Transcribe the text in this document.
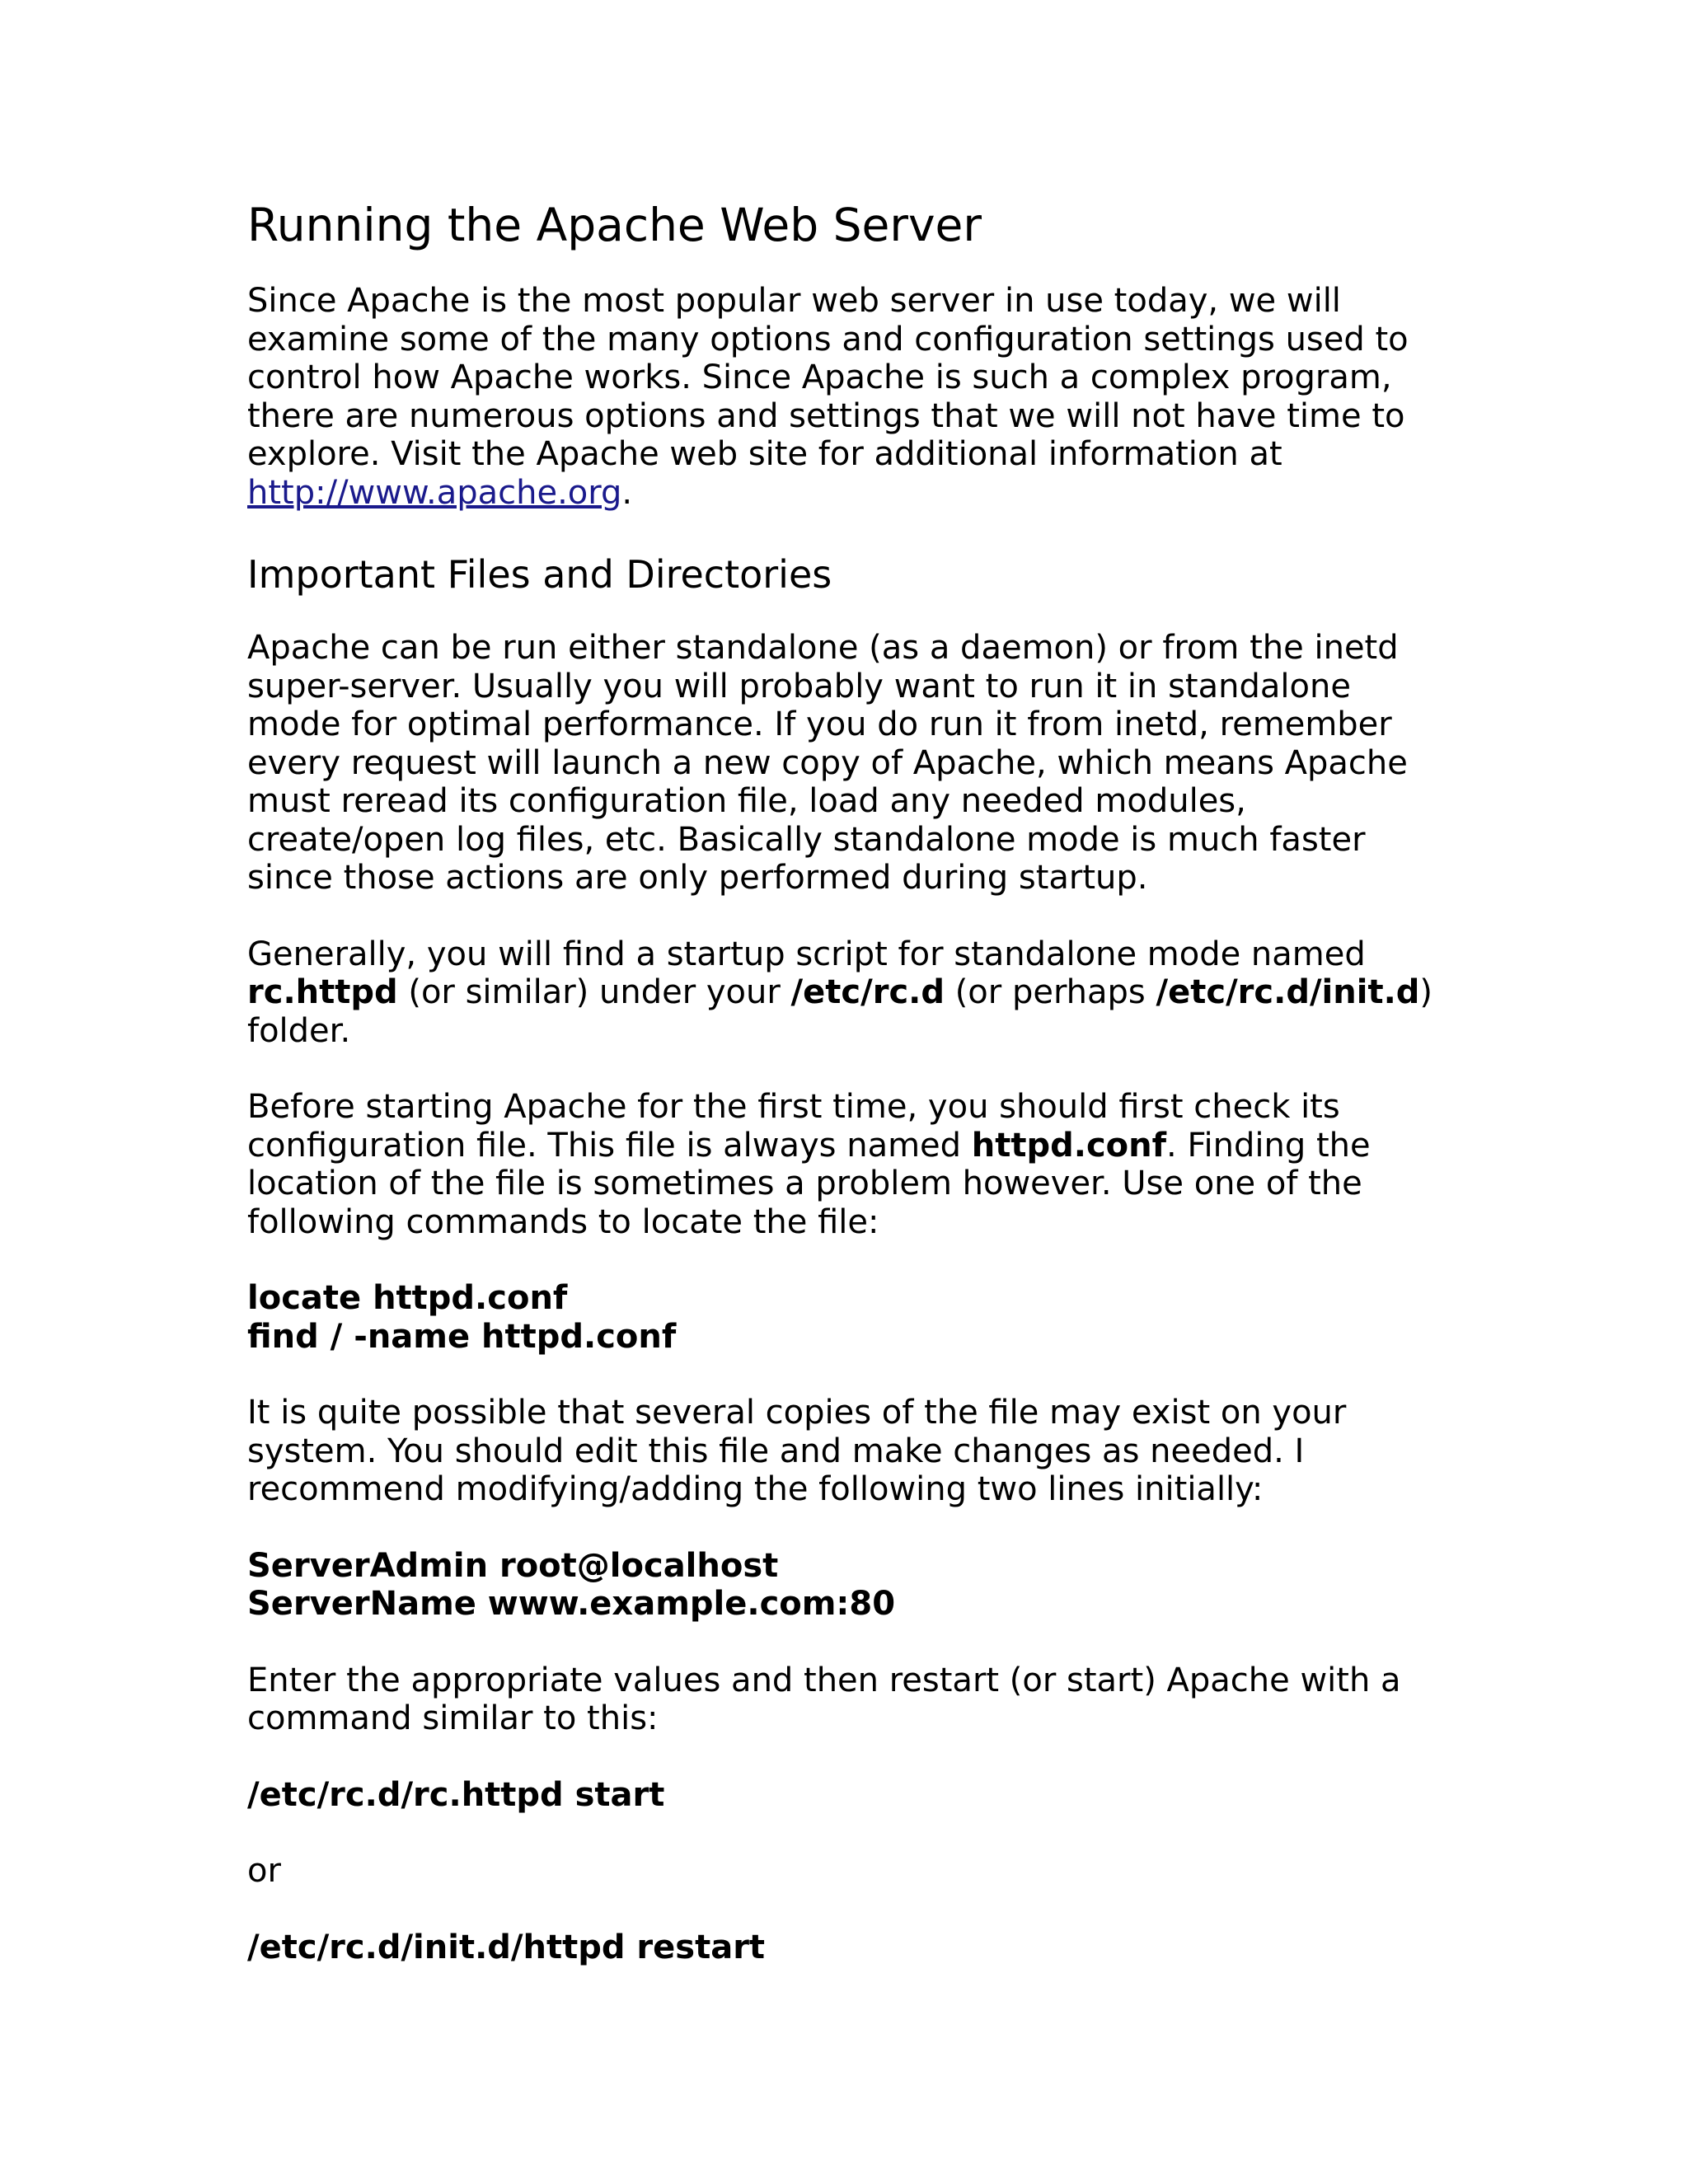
Running the Apache Web Server

Since Apache is the most popular web server in use today, we will
examine some of the many options and configuration settings used to
control how Apache works. Since Apache is such a complex program,
there are numerous options and settings that we will not have time to
explore. Visit the Apache web site for additional information at
http://www.apache.org.

Important Files and Directories

Apache can be run either standalone (as a daemon) or from the inetd
super-server. Usually you will probably want to run it in standalone
mode for optimal performance. If you do run it from inetd, remember
every request will launch a new copy of Apache, which means Apache
must reread its configuration file, load any needed modules,
create/open log files, etc. Basically standalone mode is much faster
since those actions are only performed during startup.

Generally, you will find a startup script for standalone mode named
rc.httpd (or similar) under your /etc/rc.d (or perhaps /etc/rc.d/init.d)
folder.

Before starting Apache for the first time, you should first check its
configuration file. This file is always named httpd.conf. Finding the
location of the file is sometimes a problem however. Use one of the
following commands to locate the file:

locate httpd.conf
find / -name httpd.conf

It is quite possible that several copies of the file may exist on your
system. You should edit this file and make changes as needed. I
recommend modifying/adding the following two lines initially:

ServerAdmin root@localhost
ServerName www.example.com:80

Enter the appropriate values and then restart (or start) Apache with a
command similar to this:

/etc/rc.d/rc.httpd start

or

/etc/rc.d/init.d/httpd restart
